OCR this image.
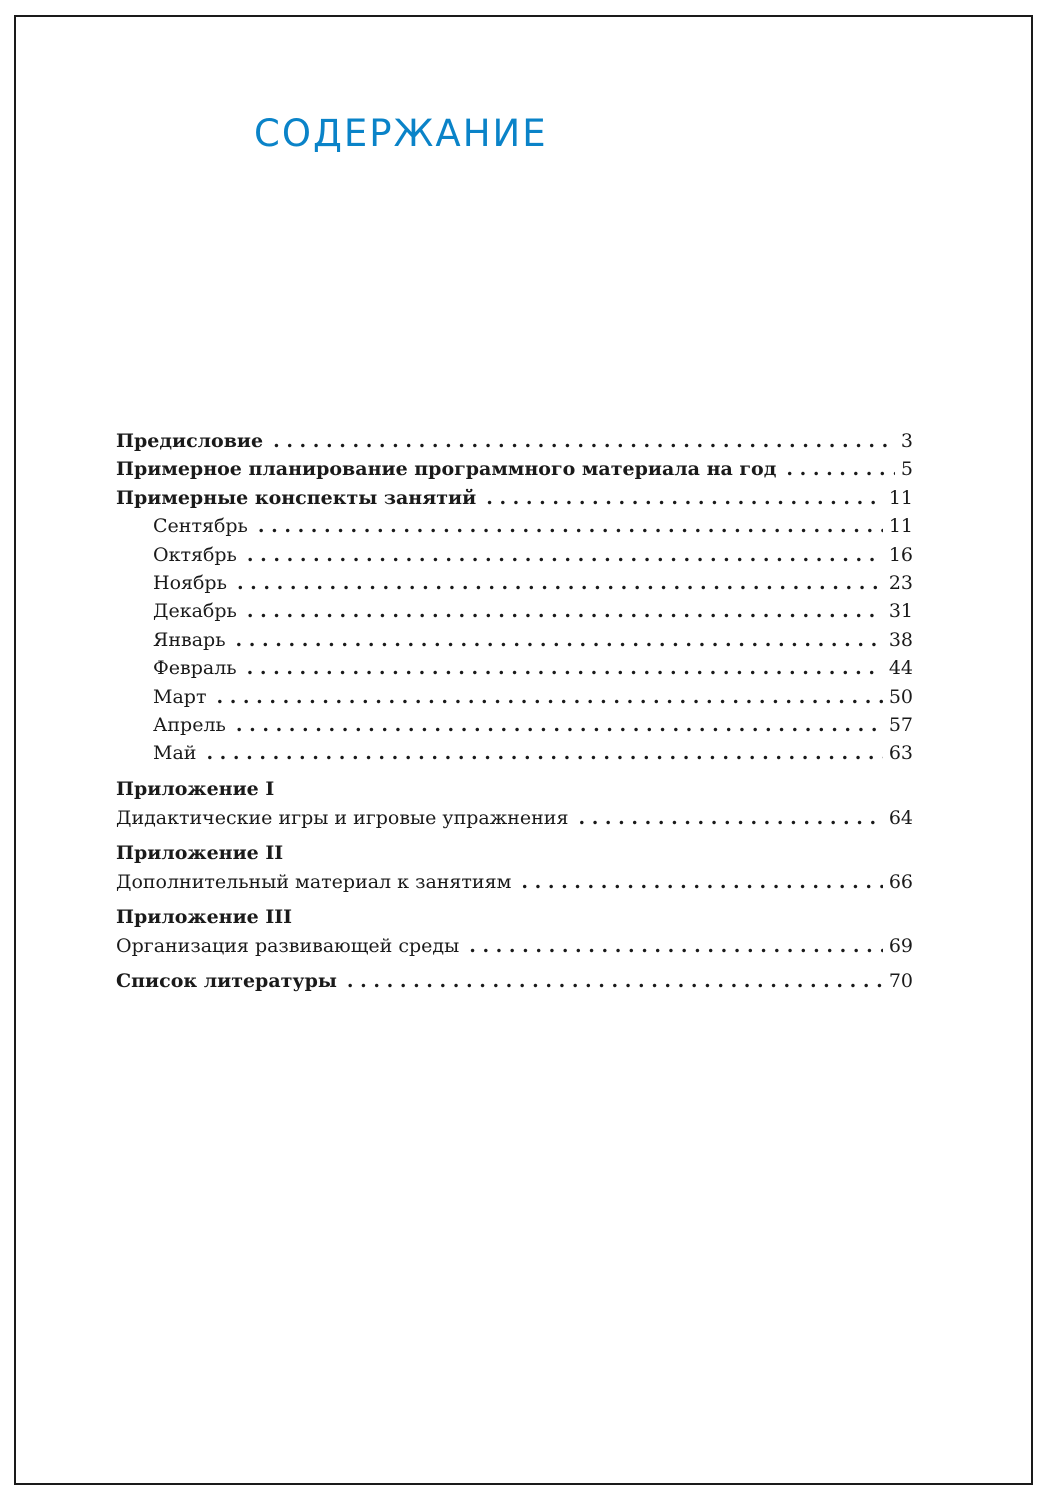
СОДЕРЖАНИЕ
Предисловие . . .	3
Примерное планирование программного материала на год . . .	5
Примерные конспекты занятий . . .	11
Сентябрь . . .	11
Октябрь . . .	16
Ноябрь . . .	23
Декабрь . . .	31
Январь . . .	38
Февраль . . .	44
Март . . .	50
Апрель . . .	57
Май . . .	63
Приложение I
Дидактические игры и игровые упражнения . . .	64
Приложение II
Дополнительный материал к занятиям . . .	66
Приложение III
Организация развивающей среды . . .	69
Список литературы . . .	70
